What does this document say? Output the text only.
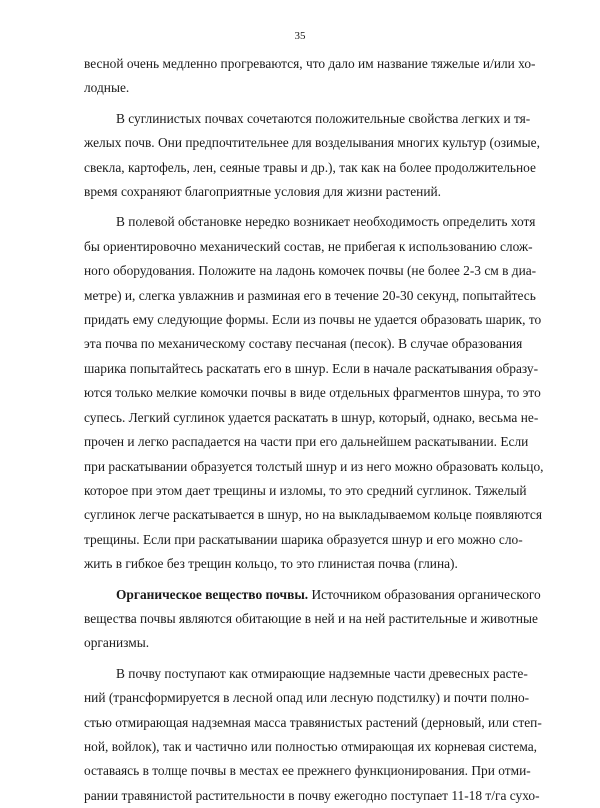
35
весной очень медленно прогреваются, что дало им название тяжелые и/или хо-
лодные.
В суглинистых почвах сочетаются положительные свойства легких и тя-
желых почв. Они предпочтительнее для возделывания многих культур (озимые,
свекла, картофель, лен, сеяные травы и др.), так как на более продолжительное
время сохраняют благоприятные условия для жизни растений.
В полевой обстановке нередко возникает необходимость определить хотя
бы ориентировочно механический состав, не прибегая к использованию слож-
ного оборудования. Положите на ладонь комочек почвы (не более 2-3 см в диа-
метре) и, слегка увлажнив и разминая его в течение 20-30 секунд, попытайтесь
придать ему следующие формы. Если из почвы не удается образовать шарик, то
эта почва по механическому составу песчаная (песок). В случае образования
шарика попытайтесь раскатать его в шнур. Если в начале раскатывания образу-
ются только мелкие комочки почвы в виде отдельных фрагментов шнура, то это
супесь. Легкий суглинок удается раскатать в шнур, который, однако, весьма не-
прочен и легко распадается на части при его дальнейшем раскатывании. Если
при раскатывании образуется толстый шнур и из него можно образовать кольцо,
которое при этом дает трещины и изломы, то это средний суглинок. Тяжелый
суглинок легче раскатывается в шнур, но на выкладываемом кольце появляются
трещины. Если при раскатывании шарика образуется шнур и его можно сло-
жить в гибкое без трещин кольцо, то это глинистая почва (глина).
Органическое вещество почвы. Источником образования органического
вещества почвы являются обитающие в ней и на ней растительные и животные
организмы.
В почву поступают как отмирающие надземные части древесных расте-
ний (трансформируется в лесной опад или лесную подстилку) и почти полно-
стью отмирающая надземная масса травянистых растений (дерновый, или степ-
ной, войлок), так и частично или полностью отмирающая их корневая система,
оставаясь в толще почвы в местах ее прежнего функционирования. При отми-
рании травянистой растительности в почву ежегодно поступает 11-18 т/га сухо-
